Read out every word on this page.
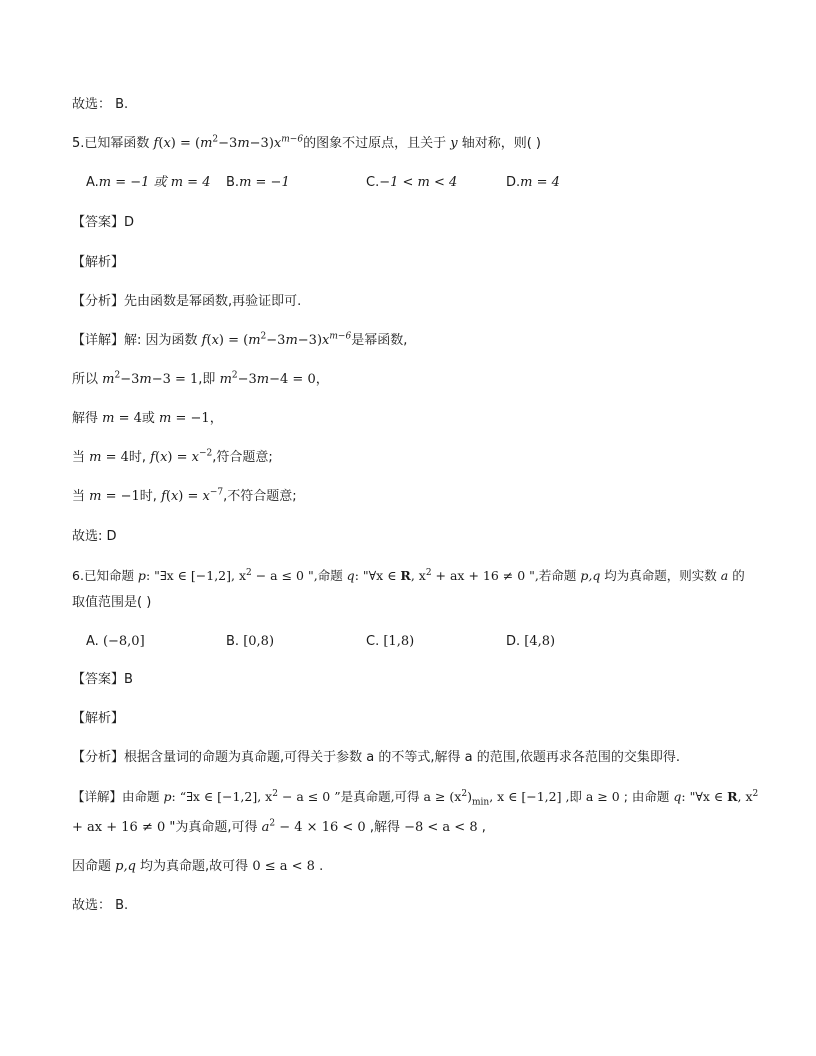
故选： B.
5.已知幂函数 $f(x) = (m^2-3m-3)x^{m-6}$的图象不过原点，且关于 y 轴对称，则( )
A.m = −1 或 m = 4 B.m = −1	C.−1 < m < 4	D.m = 4
【答案】D
【解析】
【分析】先由函数是幂函数,再验证即可.
【详解】解: 因为函数 $f(x) = (m^2-3m-3)x^{m-6}$是幂函数,
所以 $m^2-3m-3 = 1$,即 $m^2-3m-4 = 0$，
解得 m = 4或 m = −1，
当 m = 4时, $f(x) = x^{-2}$,符合题意;
当 m = −1时, $f(x) = x^{-7}$,不符合题意;
故选: D
6.已知命题 p: "∃x ∈ [−1,2], $x^2 - a \le 0$ ",命题 q: "∀x ∈ R, $x^2$ + ax + 16 ≠ 0 ",若命题 p,q 均为真命题，则实数 a 的
取值范围是( )
A. (−8,0]	B. [0,8)	C. [1,8)	D. [4,8)
【答案】B
【解析】
【分析】根据含量词的命题为真命题,可得关于参数 a 的不等式,解得 a 的范围,依题再求各范围的交集即得.
【详解】由命题 p: “∃x ∈ [−1,2], $x^2 - a \le 0$ ”是真命题,可得 $a \ge (x^2)_{min}$, x ∈ [−1,2] ,即 a ≥ 0 ; 由命题 q: "∀x ∈ R, $x^2$
+ ax + 16 ≠ 0 "为真命题,可得 $a^2 - 4 \times 16 < 0$ ,解得 −8 < a < 8 ,
因命题 p,q 均为真命题,故可得 0 ≤ a < 8 .
故选： B.
